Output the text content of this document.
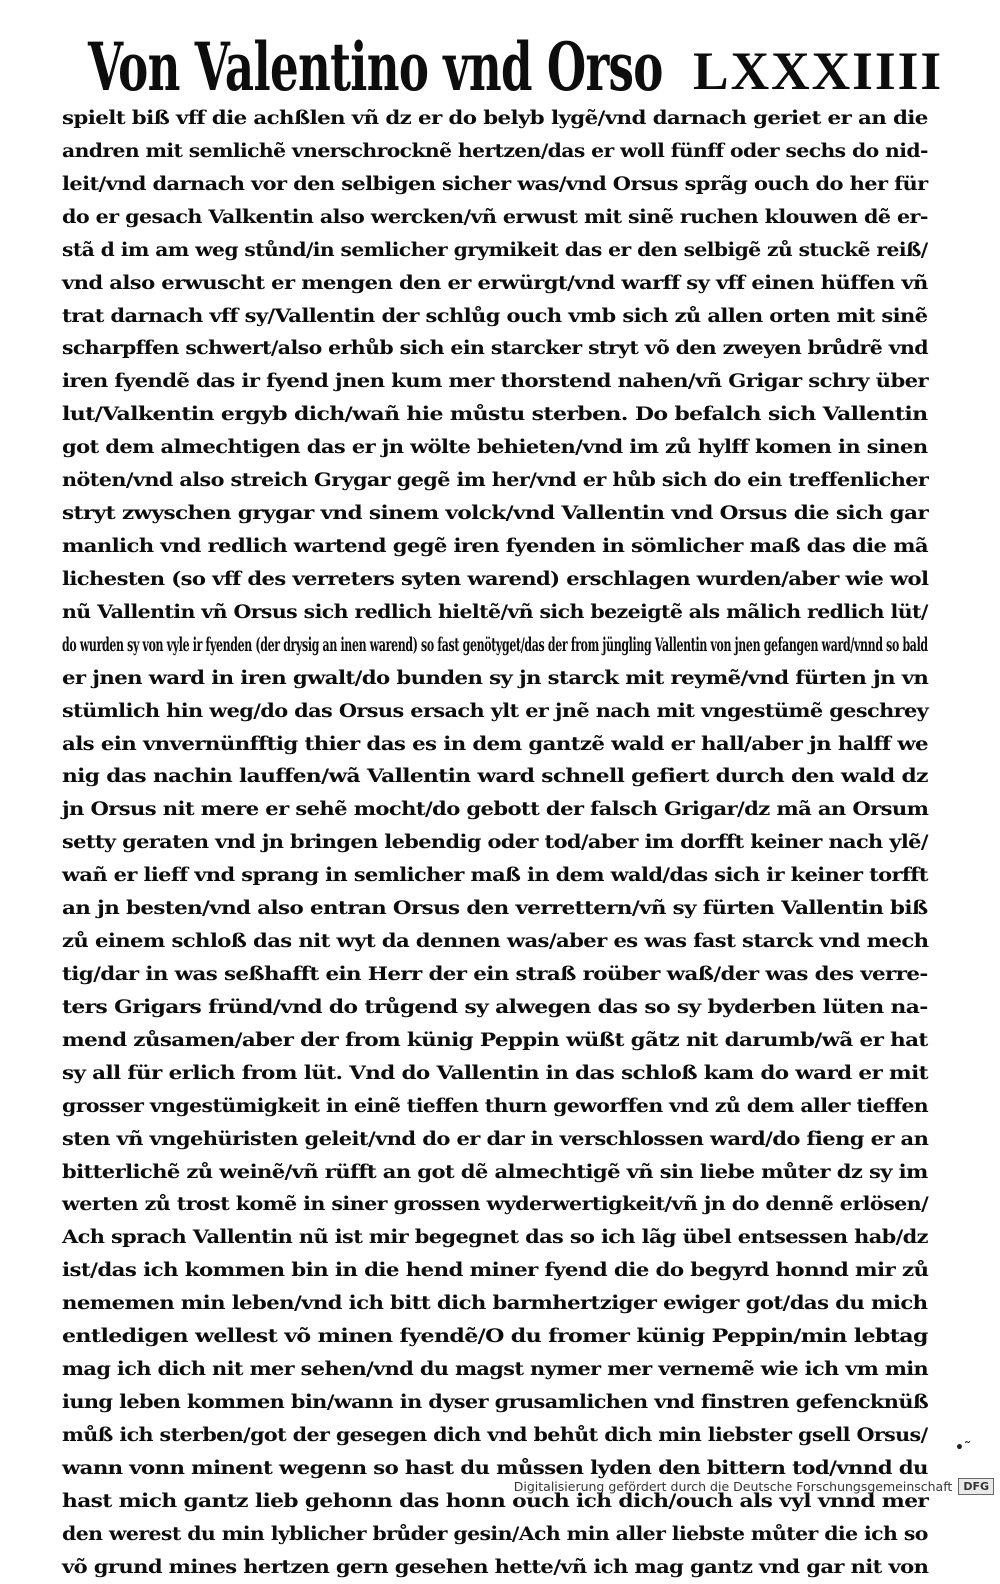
Von Valentino vnd Orso LXXXIIII
spielt biß vff die achßlen vñ dz er do belyb lygẽ/vnd darnach geriet er an die
andren mit semlichẽ vnerschrocknẽ hertzen/das er woll fünff oder sechs do nid-
leit/vnd darnach vor den selbigen sicher was/vnd Orsus sprãg ouch do her für
do er gesach Valkentin also wercken/vñ erwust mit sinẽ ruchen klouwen dẽ er-
stã d im am weg stůnd/in semlicher grymikeit das er den selbigẽ zů stuckẽ reiß/
vnd also erwuscht er mengen den er erwürgt/vnd warff sy vff einen hüffen vñ
trat darnach vff sy/Vallentin der schlůg ouch vmb sich zů allen orten mit sinẽ
scharpffen schwert/also erhůb sich ein starcker stryt võ den zweyen brůdrẽ vnd
iren fyendẽ das ir fyend jnen kum mer thorstend nahen/vñ Grigar schry über
lut/Valkentin ergyb dich/wañ hie můstu sterben. Do befalch sich Vallentin
got dem almechtigen das er jn wölte behieten/vnd im zů hylff komen in sinen
nöten/vnd also streich Grygar gegẽ im her/vnd er hůb sich do ein treffenlicher
stryt zwyschen grygar vnd sinem volck/vnd Vallentin vnd Orsus die sich gar
manlich vnd redlich wartend gegẽ iren fyenden in sömlicher maß das die mã
lichesten (so vff des verreters syten warend) erschlagen wurden/aber wie wol
nũ Vallentin vñ Orsus sich redlich hieltẽ/vñ sich bezeigtẽ als mãlich redlich lüt/
do wurden sy von vyle ir fyenden (der drysig an inen warend) so fast genötyget/das der from jüngling Vallentin von jnen gefangen ward/vnnd so bald
er jnen ward in iren gwalt/do bunden sy jn starck mit reymẽ/vnd fürten jn vn
stümlich hin weg/do das Orsus ersach ylt er jnẽ nach mit vngestümẽ geschrey
als ein vnvernünfftig thier das es in dem gantzẽ wald er hall/aber jn halff we
nig das nachin lauffen/wã Vallentin ward schnell gefiert durch den wald dz
jn Orsus nit mere er sehẽ mocht/do gebott der falsch Grigar/dz mã an Orsum
setty geraten vnd jn bringen lebendig oder tod/aber im dorfft keiner nach ylẽ/
wañ er lieff vnd sprang in semlicher maß in dem wald/das sich ir keiner torfft
an jn besten/vnd also entran Orsus den verrettern/vñ sy fürten Vallentin biß
zů einem schloß das nit wyt da dennen was/aber es was fast starck vnd mech
tig/dar in was seßhafft ein Herr der ein straß roüber waß/der was des verre-
ters Grigars fründ/vnd do trůgend sy alwegen das so sy byderben lüten na-
mend zůsamen/aber der from künig Peppin wüßt gãtz nit darumb/wã er hat
sy all für erlich from lüt. Vnd do Vallentin in das schloß kam do ward er mit
grosser vngestümigkeit in einẽ tieffen thurn geworffen vnd zů dem aller tieffen
sten vñ vngehüristen geleit/vnd do er dar in verschlossen ward/do fieng er an
bitterlichẽ zů weinẽ/vñ rüfft an got dẽ almechtigẽ vñ sin liebe můter dz sy im
werten zů trost komẽ in siner grossen wyderwertigkeit/vñ jn do dennẽ erlösen/
Ach sprach Vallentin nũ ist mir begegnet das so ich lãg übel entsessen hab/dz
ist/das ich kommen bin in die hend miner fyend die do begyrd honnd mir zů
nememen min leben/vnd ich bitt dich barmhertziger ewiger got/das du mich
entledigen wellest võ minen fyendẽ/O du fromer künig Peppin/min lebtag
mag ich dich nit mer sehen/vnd du magst nymer mer vernemẽ wie ich vm min
iung leben kommen bin/wann in dyser grusamlichen vnd finstren gefencknüß
můß ich sterben/got der gesegen dich vnd behůt dich min liebster gsell Orsus/
wann vonn minent wegenn so hast du můssen lyden den bittern tod/vnnd du
hast mich gantz lieb gehonn das honn ouch ich dich/ouch als vyl vnnd mer
den werest du min lyblicher brůder gesin/Ach min aller liebste můter die ich so
võ grund mines hertzen gern gesehen hette/vñ ich mag gantz vnd gar nit von
•˜
Digitalisierung gefördert durch die Deutsche Forschungsgemeinschaft	DFG
